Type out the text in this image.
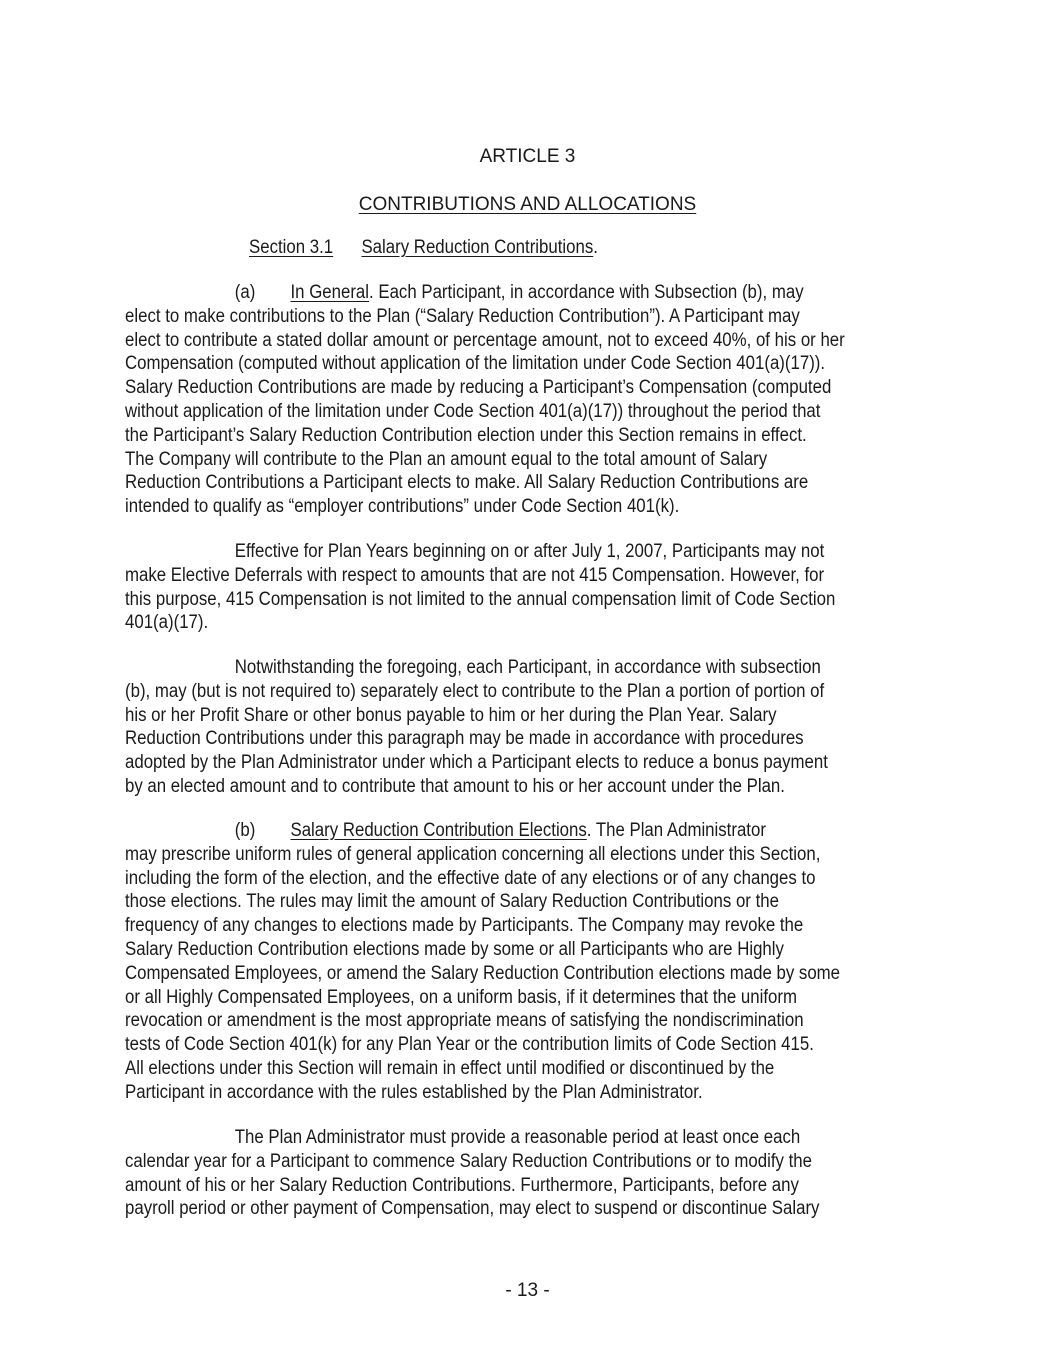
ARTICLE 3
CONTRIBUTIONS AND ALLOCATIONS
Section 3.1 Salary Reduction Contributions.
(a) In General. Each Participant, in accordance with Subsection (b), may
elect to make contributions to the Plan (“Salary Reduction Contribution”). A Participant may
elect to contribute a stated dollar amount or percentage amount, not to exceed 40%, of his or her
Compensation (computed without application of the limitation under Code Section 401(a)(17)).
Salary Reduction Contributions are made by reducing a Participant’s Compensation (computed
without application of the limitation under Code Section 401(a)(17)) throughout the period that
the Participant’s Salary Reduction Contribution election under this Section remains in effect.
The Company will contribute to the Plan an amount equal to the total amount of Salary
Reduction Contributions a Participant elects to make. All Salary Reduction Contributions are
intended to qualify as “employer contributions” under Code Section 401(k).
Effective for Plan Years beginning on or after July 1, 2007, Participants may not
make Elective Deferrals with respect to amounts that are not 415 Compensation. However, for
this purpose, 415 Compensation is not limited to the annual compensation limit of Code Section
401(a)(17).
Notwithstanding the foregoing, each Participant, in accordance with subsection
(b), may (but is not required to) separately elect to contribute to the Plan a portion of portion of
his or her Profit Share or other bonus payable to him or her during the Plan Year. Salary
Reduction Contributions under this paragraph may be made in accordance with procedures
adopted by the Plan Administrator under which a Participant elects to reduce a bonus payment
by an elected amount and to contribute that amount to his or her account under the Plan.
(b) Salary Reduction Contribution Elections. The Plan Administrator
may prescribe uniform rules of general application concerning all elections under this Section,
including the form of the election, and the effective date of any elections or of any changes to
those elections. The rules may limit the amount of Salary Reduction Contributions or the
frequency of any changes to elections made by Participants. The Company may revoke the
Salary Reduction Contribution elections made by some or all Participants who are Highly
Compensated Employees, or amend the Salary Reduction Contribution elections made by some
or all Highly Compensated Employees, on a uniform basis, if it determines that the uniform
revocation or amendment is the most appropriate means of satisfying the nondiscrimination
tests of Code Section 401(k) for any Plan Year or the contribution limits of Code Section 415.
All elections under this Section will remain in effect until modified or discontinued by the
Participant in accordance with the rules established by the Plan Administrator.
The Plan Administrator must provide a reasonable period at least once each
calendar year for a Participant to commence Salary Reduction Contributions or to modify the
amount of his or her Salary Reduction Contributions. Furthermore, Participants, before any
payroll period or other payment of Compensation, may elect to suspend or discontinue Salary
- 13 -
